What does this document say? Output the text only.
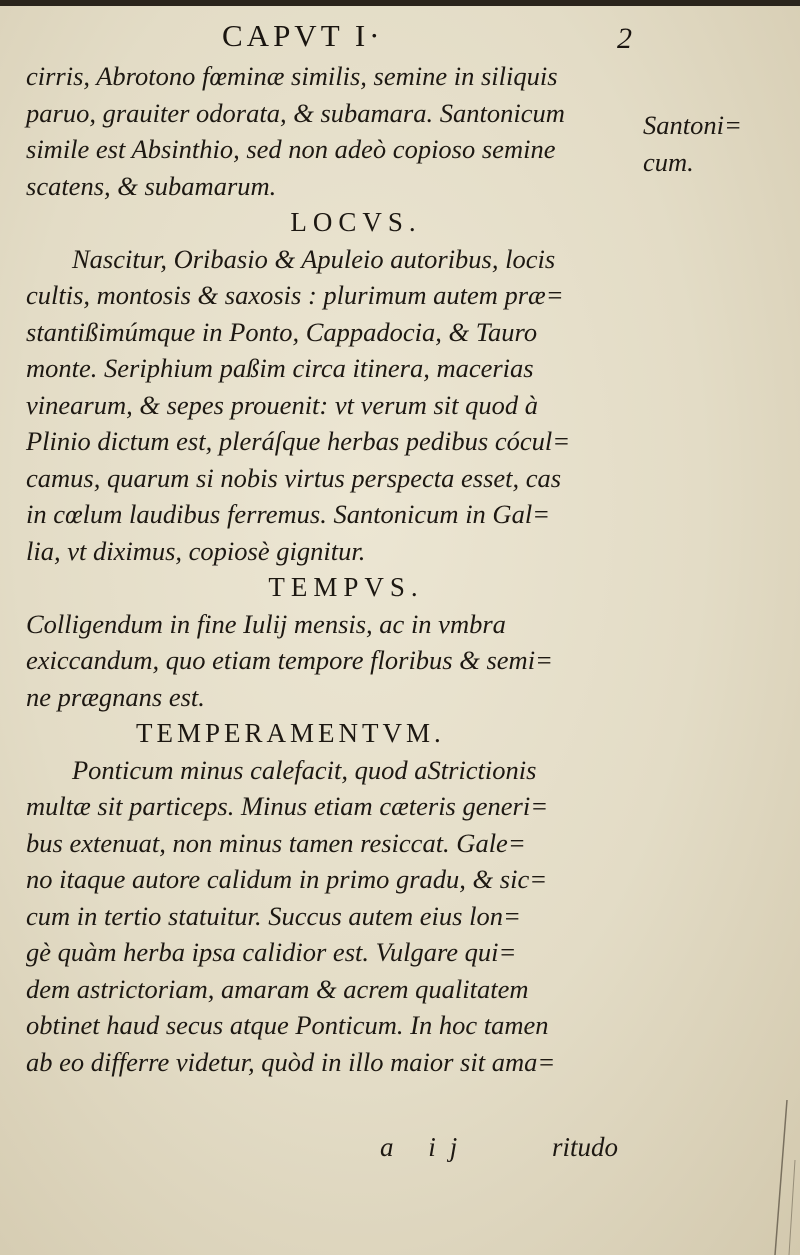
CAPVT I·	2
cirris, Abrotono fœminæ similis, semine in siliquis
paruo, grauiter odorata, & subamara. Santonicum
simile est Absinthio, sed non adeò copioso semine
scatens, & subamarum.
LOCVS.
Nascitur, Oribasio & Apuleio autoribus, locis
cultis, montosis & saxosis : plurimum autem præ=
stantißimúmque in Ponto, Cappadocia, & Tauro
monte. Seriphium paßim circa itinera, macerias
vinearum, & sepes prouenit: vt verum sit quod à
Plinio dictum est, pleráſque herbas pedibus cócul=
camus, quarum si nobis virtus perspecta esset, cas
in cœlum laudibus ferremus. Santonicum in Gal=
lia, vt diximus, copiosè gignitur.
TEMPVS.
Colligendum in fine Iulij mensis, ac in vmbra
exiccandum, quo etiam tempore floribus & semi=
ne prægnans est.
TEMPERAMENTVM.
Ponticum minus calefacit, quod aStrictionis
multæ sit particeps. Minus etiam cæteris generi=
bus extenuat, non minus tamen resiccat. Gale=
no itaque autore calidum in primo gradu, & sic=
cum in tertio statuitur. Succus autem eius lon=
gè quàm herba ipsa calidior est. Vulgare qui=
dem astrictoriam, amaram & acrem qualitatem
obtinet haud secus atque Ponticum. In hoc tamen
ab eo differre videtur, quòd in illo maior sit ama=
Santoni=
cum.
a ij	ritudo
